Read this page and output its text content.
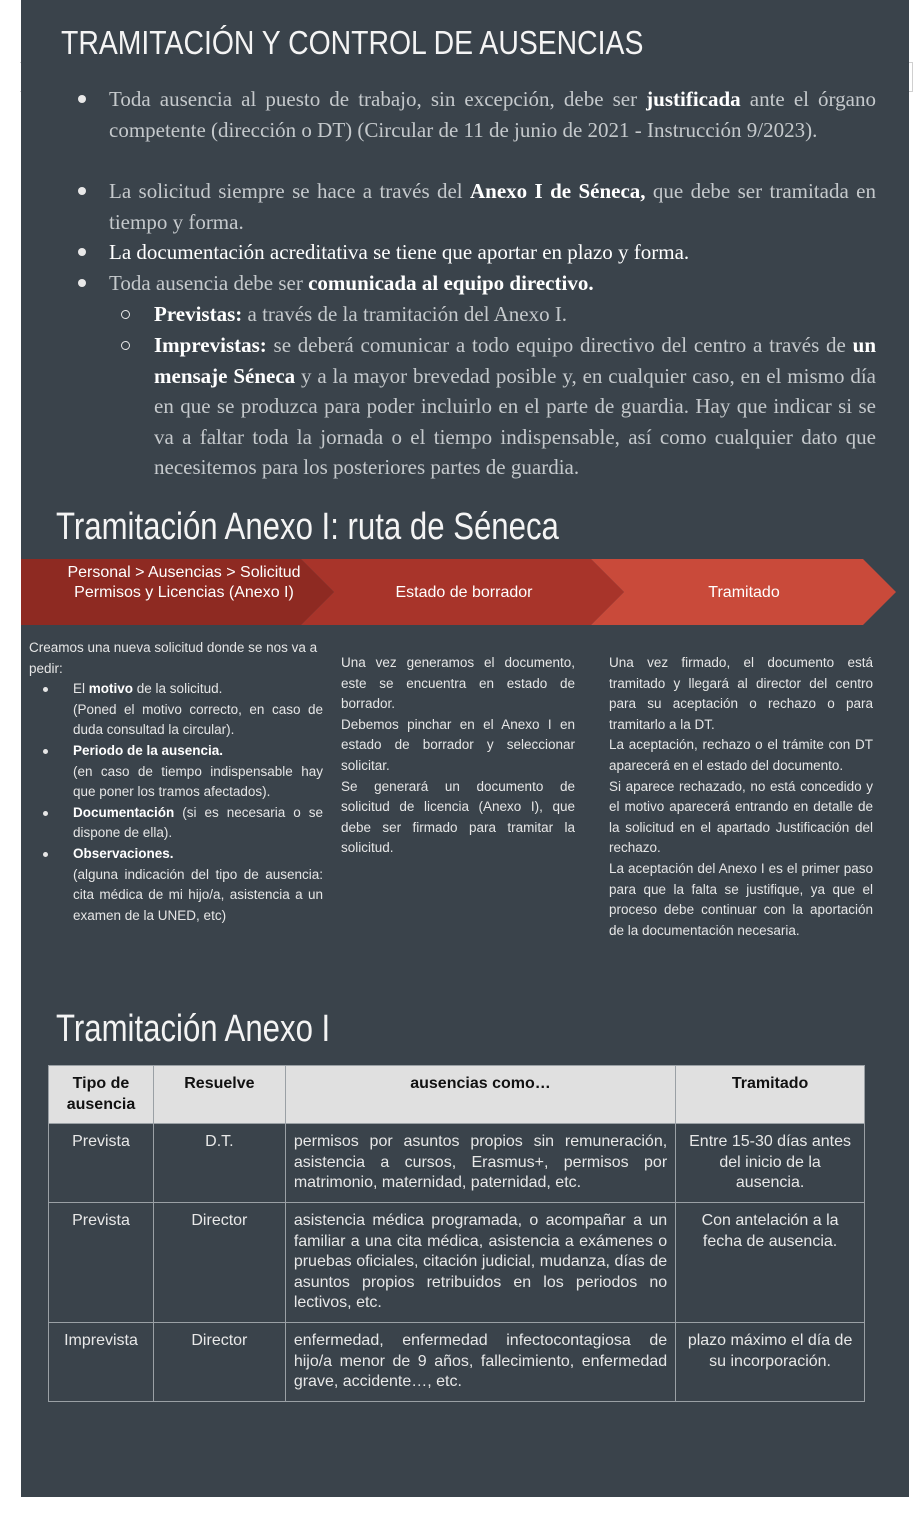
TRAMITACIÓN Y CONTROL DE AUSENCIAS

Toda ausencia al puesto de trabajo, sin excepción, debe ser justificada ante el órgano competente (dirección o DT) (Circular de 11 de junio de 2021 - Instrucción 9/2023).

La solicitud siempre se hace a través del Anexo I de Séneca, que debe ser tramitada en tiempo y forma.

La documentación acreditativa se tiene que aportar en plazo y forma.

Toda ausencia debe ser comunicada al equipo directivo.

Previstas: a través de la tramitación del Anexo I.

Imprevistas: se deberá comunicar a todo equipo directivo del centro a través de un mensaje Séneca y a la mayor brevedad posible y, en cualquier caso, en el mismo día en que se produzca para poder incluirlo en el parte de guardia. Hay que indicar si se va a faltar toda la jornada o el tiempo indispensable, así como cualquier dato que necesitemos para los posteriores partes de guardia.

Tramitación Anexo I: ruta de Séneca
Personal > Ausencias > Solicitud Permisos y Licencias (Anexo I)	Estado de borrador	Tramitado
Creamos una nueva solicitud donde se nos va a pedir:
El motivo de la solicitud.
(Poned el motivo correcto, en caso de duda consultad la circular).
Periodo de la ausencia.
(en caso de tiempo indispensable hay que poner los tramos afectados).
Documentación (si es necesaria o se dispone de ella).
Observaciones.
(alguna indicación del tipo de ausencia: cita médica de mi hijo/a, asistencia a un examen de la UNED, etc)
Una vez generamos el documento, este se encuentra en estado de borrador.
Debemos pinchar en el Anexo I en estado de borrador y seleccionar solicitar.
Se generará un documento de solicitud de licencia (Anexo I), que debe ser firmado para tramitar la solicitud.
Una vez firmado, el documento está tramitado y llegará al director del centro para su aceptación o rechazo o para tramitarlo a la DT.
La aceptación, rechazo o el trámite con DT aparecerá en el estado del documento.
Si aparece rechazado, no está concedido y el motivo aparecerá entrando en detalle de la solicitud en el apartado Justificación del rechazo.
La aceptación del Anexo I es el primer paso para que la falta se justifique, ya que el proceso debe continuar con la aportación de la documentación necesaria.
Tramitación Anexo I
Tipo de ausencia	Resuelve	ausencias como…	Tramitado
Prevista	D.T.	permisos por asuntos propios sin remuneración, asistencia a cursos, Erasmus+, permisos por matrimonio, maternidad, paternidad, etc.	Entre 15-30 días antes del inicio de la ausencia.
Prevista	Director	asistencia médica programada, o acompañar a un familiar a una cita médica, asistencia a exámenes o pruebas oficiales, citación judicial, mudanza, días de asuntos propios retribuidos en los periodos no lectivos, etc.	Con antelación a la fecha de ausencia.
Imprevista	Director	enfermedad, enfermedad infectocontagiosa de hijo/a menor de 9 años, fallecimiento, enfermedad grave, accidente…, etc.	plazo máximo el día de su incorporación.
